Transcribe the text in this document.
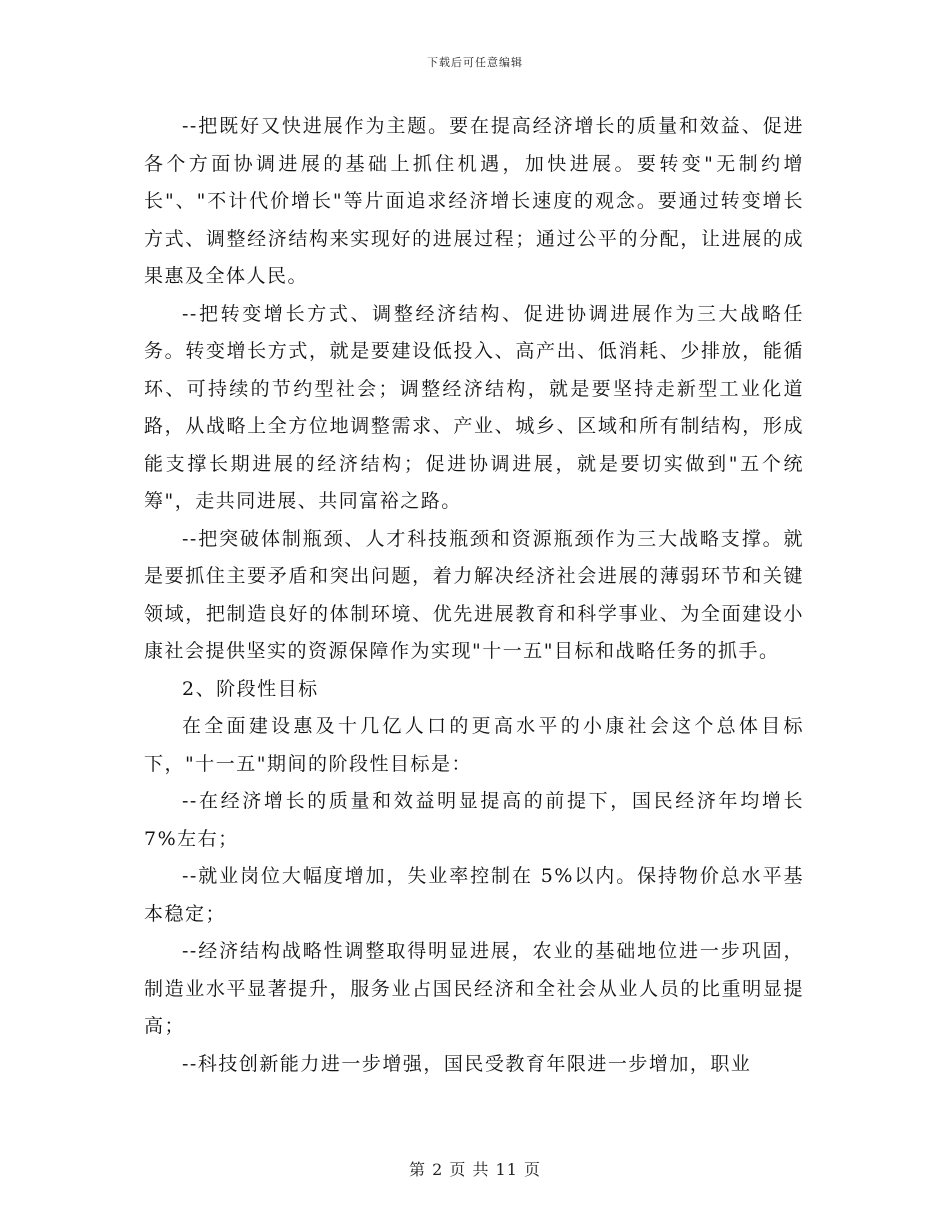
下载后可任意编辑

--把既好又快进展作为主题。要在提高经济增长的质量和效益、促进各个方面协调进展的基础上抓住机遇，加快进展。要转变"无制约增长"、"不计代价增长"等片面追求经济增长速度的观念。要通过转变增长方式、调整经济结构来实现好的进展过程；通过公平的分配，让进展的成果惠及全体人民。

--把转变增长方式、调整经济结构、促进协调进展作为三大战略任务。转变增长方式，就是要建设低投入、高产出、低消耗、少排放，能循环、可持续的节约型社会；调整经济结构，就是要坚持走新型工业化道路，从战略上全方位地调整需求、产业、城乡、区域和所有制结构，形成能支撑长期进展的经济结构；促进协调进展，就是要切实做到"五个统筹"，走共同进展、共同富裕之路。

--把突破体制瓶颈、人才科技瓶颈和资源瓶颈作为三大战略支撑。就是要抓住主要矛盾和突出问题，着力解决经济社会进展的薄弱环节和关键领域，把制造良好的体制环境、优先进展教育和科学事业、为全面建设小康社会提供坚实的资源保障作为实现"十一五"目标和战略任务的抓手。

2、阶段性目标

在全面建设惠及十几亿人口的更高水平的小康社会这个总体目标下，"十一五"期间的阶段性目标是：

--在经济增长的质量和效益明显提高的前提下，国民经济年均增长 7%左右；

--就业岗位大幅度增加，失业率控制在 5%以内。保持物价总水平基本稳定；

--经济结构战略性调整取得明显进展，农业的基础地位进一步巩固，制造业水平显著提升，服务业占国民经济和全社会从业人员的比重明显提高；

--科技创新能力进一步增强，国民受教育年限进一步增加，职业

第 2 页 共 11 页
